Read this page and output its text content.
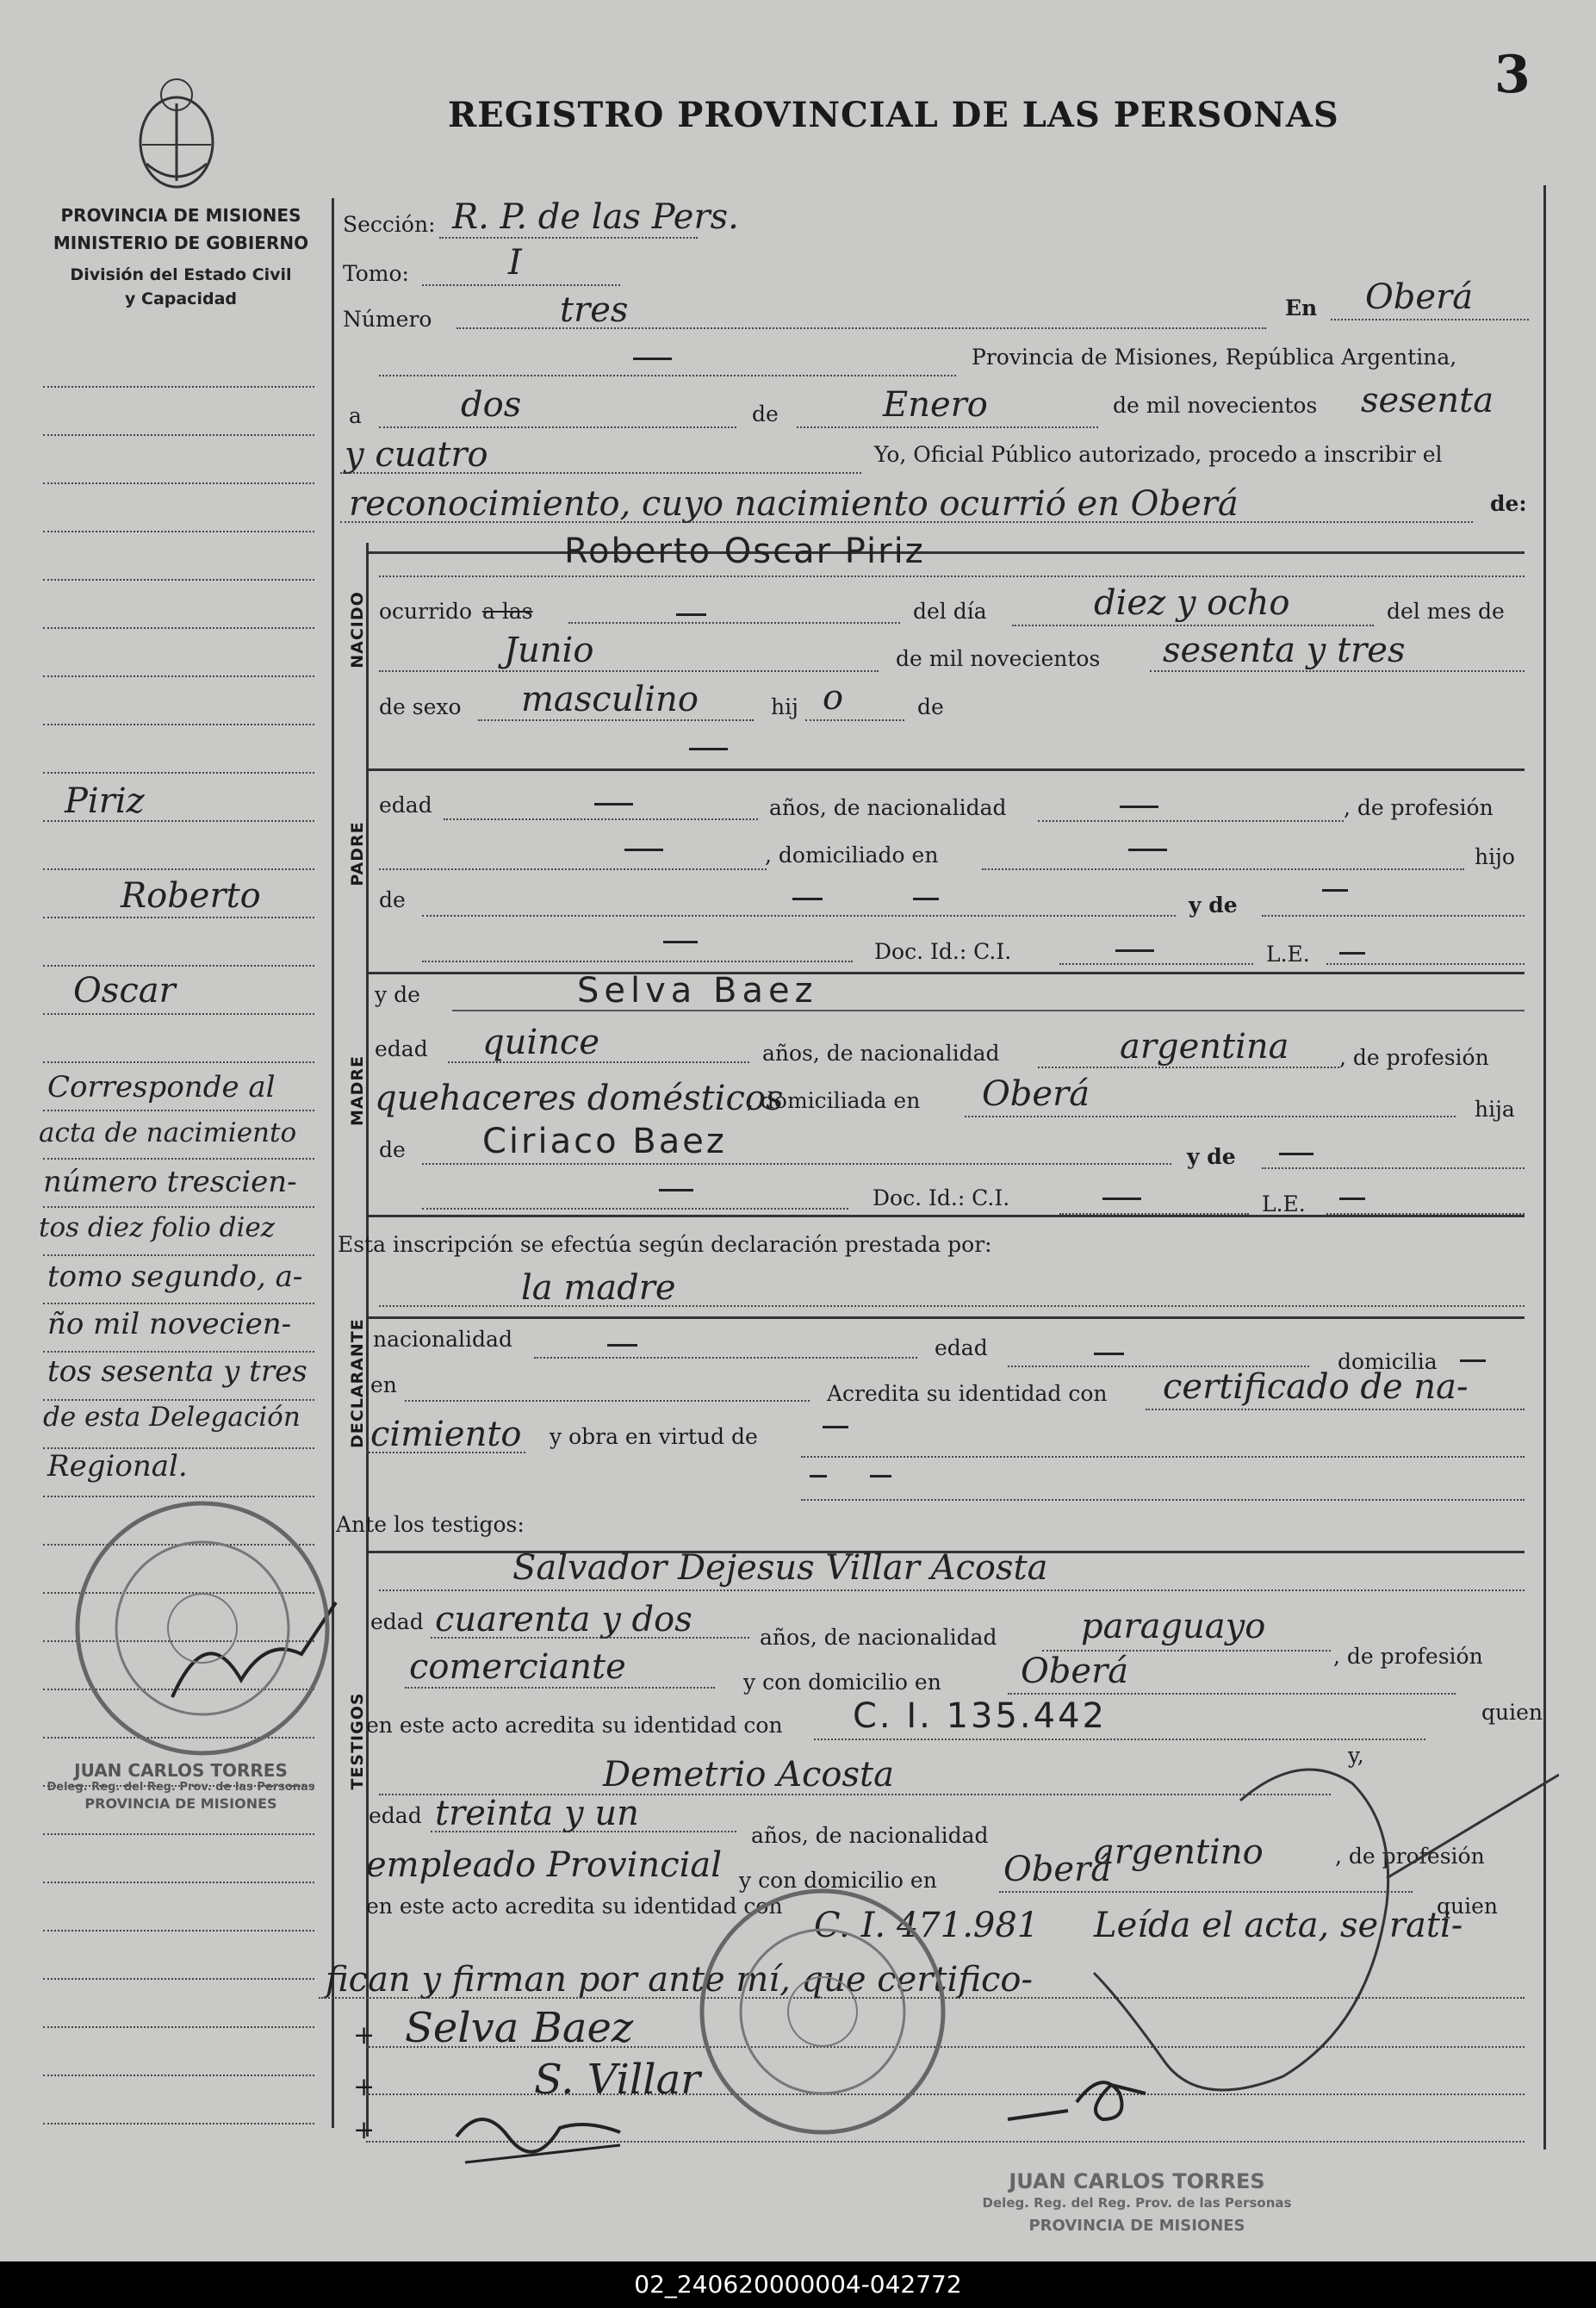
PROVINCIA DE MISIONES
MINISTERIO DE GOBIERNO
División del Estado Civil
y Capacidad
REGISTRO PROVINCIAL DE LAS PERSONAS
3
NACIDO
PADRE
MADRE
DECLARANTE
TESTIGOS
Piriz
Roberto
Oscar
Corresponde al
acta de nacimiento
número trescien-
tos diez folio diez
tomo segundo, a-
ño mil novecien-
tos sesenta y tres
de esta Delegación
Regional.
Sección: R. P. de las Pers.
Tomo:	I
Número	tres	En Oberá
Provincia de Misiones, República Argentina,
a	dos	de	Enero	de mil novecientos sesenta
y cuatro	Yo, Oficial Público autorizado, procedo a inscribir el
reconocimiento, cuyo nacimiento ocurrió en Oberá	de:
Roberto Oscar Piriz
ocurrido a las	del día	diez y ocho	del mes de
Junio	de mil novecientos sesenta y tres
de sexo masculino	hij o	de
edad	años, de nacionalidad	, de profesión
, domiciliado en	hijo
de	y de
Doc. Id.: C.I.	L.E.
y de	Selva Baez
edad quince	años, de nacionalidad	argentina , de profesión
quehaceres domésticos
, domiciliada en Oberá	hija
de Ciriaco Baez	y de
Doc. Id.: C.I.	L.E.
Esta inscripción se efectúa según declaración prestada por:
la madre
nacionalidad	edad
domicilia
en	Acredita su identidad con certificado de na-
cimiento y obra en virtud de
Ante los testigos:
Salvador Dejesus Villar Acosta
edad cuarenta y dos	años, de nacionalidad paraguayo
, de profesión
comerciante	y con domicilio en Oberá
en este acto acredita su identidad con C. I. 135.442	quien
Demetrio Acosta	y,
edad treinta y un
años, de nacionalidad	argentino	, de profesión
empleado Provincial y con domicilio en Oberá
en este acto acredita su identidad con C. I. 471.981 Leída el acta, se rati-
quien
fican y firman por ante mí, que certifico-
+
+
+
Selva Baez
S. Villar
JUAN CARLOS TORRES
Deleg. Reg. del Reg. Prov. de las Personas
PROVINCIA DE MISIONES
JUAN CARLOS TORRES
Deleg. Reg. del Reg. Prov. de las Personas
PROVINCIA DE MISIONES
02_240620000004-042772
